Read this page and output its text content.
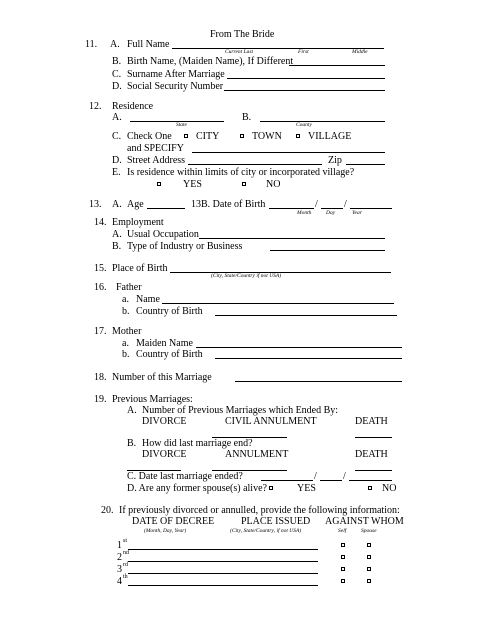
From The Bride
11. A. Full Name
Current Last	First	Middle
B. Birth Name, (Maiden Name), If Different
C. Surname After Marriage
D. Social Security Number
12. Residence
A.	B.
State	County
C. Check One CITY	TOWN	VILLAGE
and SPECIFY
D. Street Address	Zip
E. Is residence within limits of city or incorporated village?
YES	NO
13. A. Age	13B. Date of Birth	/	/
Month	Day	Year
14. Employment
A. Usual Occupation
B. Type of Industry or Business
15. Place of Birth
(City, State/Country if not USA)
16. Father
a. Name
b. Country of Birth
17. Mother
a. Maiden Name
b. Country of Birth
18. Number of this Marriage
19. Previous Marriages:
A. Number of Previous Marriages which Ended By:
DIVORCE	CIVIL ANNULMENT	DEATH
B. How did last marriage end?
DIVORCE	ANNULMENT	DEATH
C. Date last marriage ended?	/	/
D. Are any former spouse(s) alive?	YES	NO
20. If previously divorced or annulled, provide the following information:
DATE OF DECREE	PLACE ISSUED AGAINST WHOM
(Month, Day, Year)	(City, State/Country, if not USA)	Self	Spouse
1 st
2 nd
3 rd
4 th
